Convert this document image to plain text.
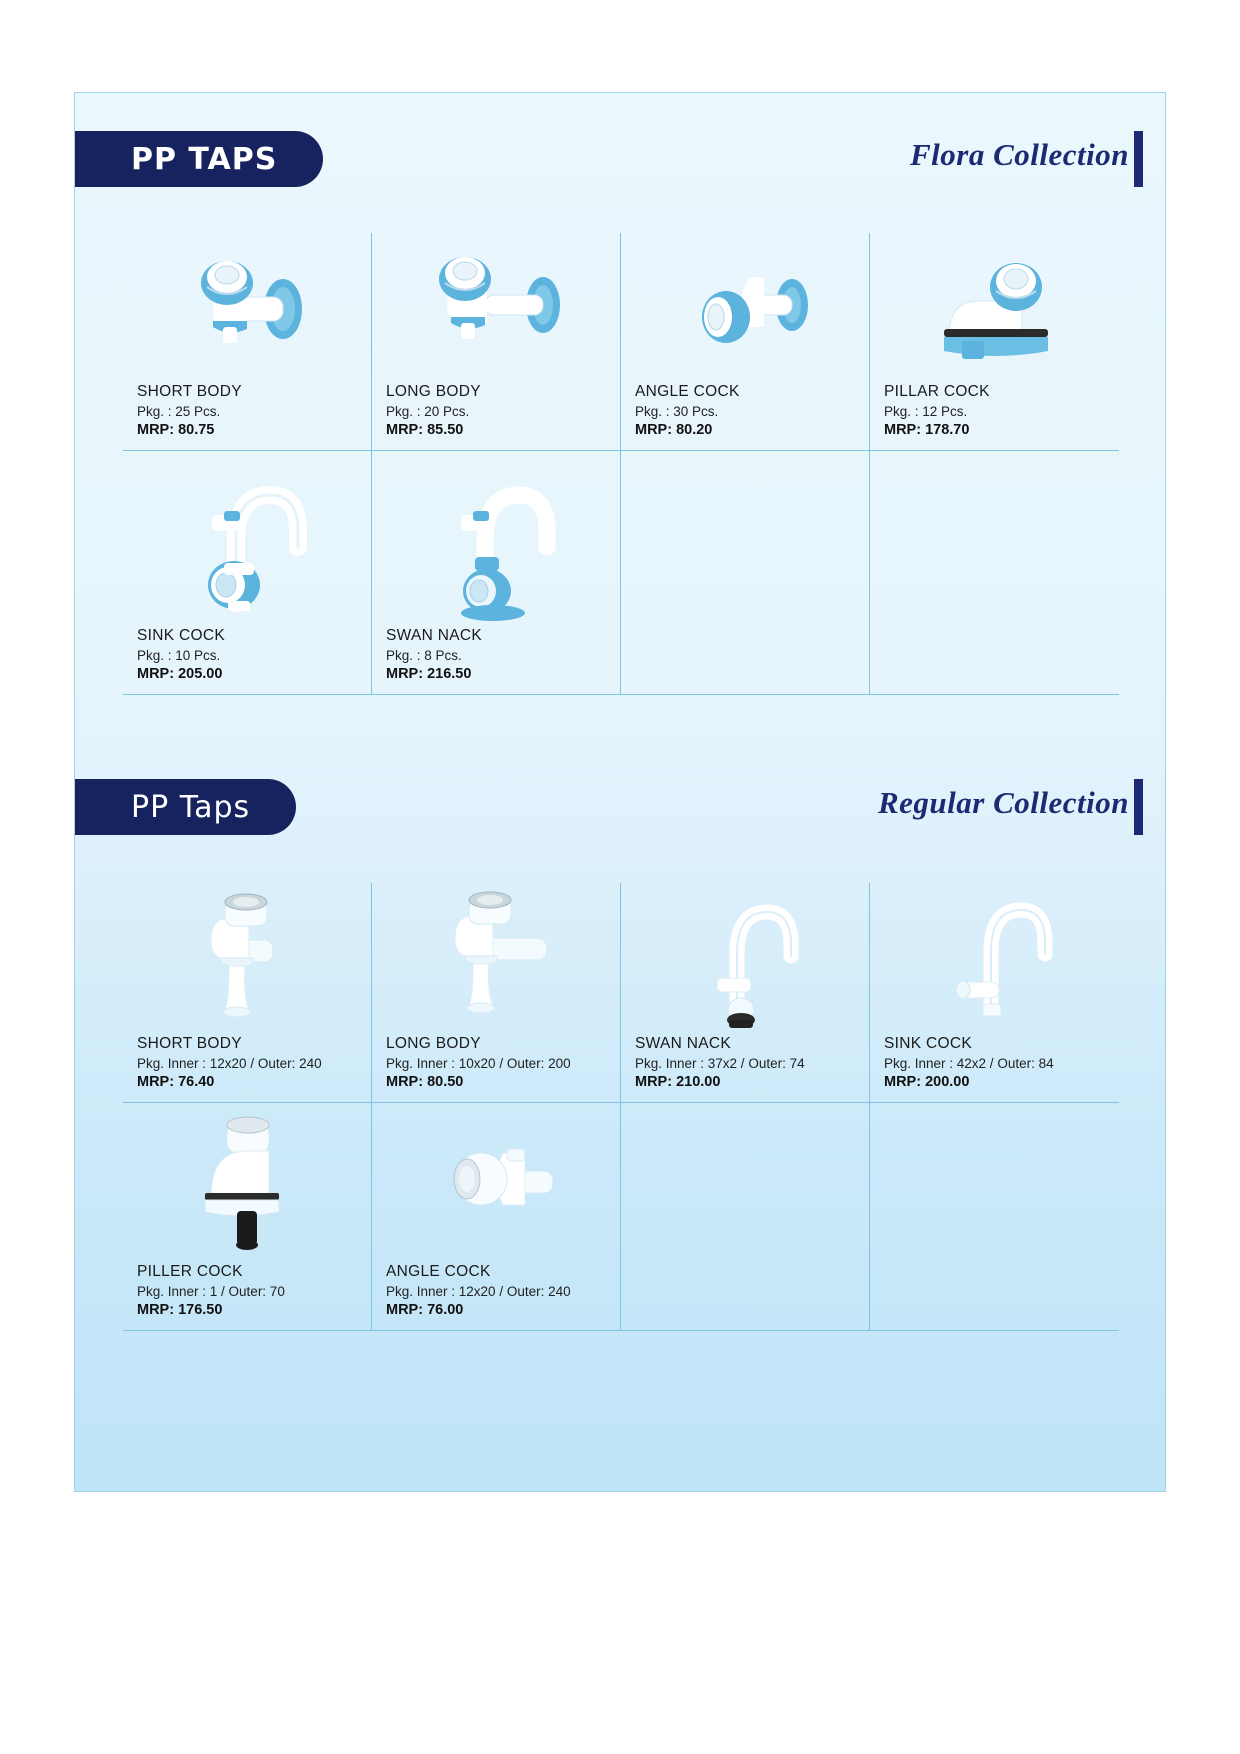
PP TAPS	Flora Collection
SHORT BODY
Pkg. : 25 Pcs.
MRP: 80.75
LONG BODY
Pkg. : 20 Pcs.
MRP: 85.50
ANGLE COCK
Pkg. : 30 Pcs.
MRP: 80.20
PILLAR COCK
Pkg. : 12 Pcs.
MRP: 178.70
SINK COCK
Pkg. : 10 Pcs.
MRP: 205.00
SWAN NACK
Pkg. : 8 Pcs.
MRP: 216.50
PP Taps	Regular Collection
SHORT BODY
Pkg. Inner : 12x20 / Outer: 240
MRP: 76.40
LONG BODY
Pkg. Inner : 10x20 / Outer: 200
MRP: 80.50
SWAN NACK
Pkg. Inner : 37x2 / Outer: 74
MRP: 210.00
SINK COCK
Pkg. Inner : 42x2 / Outer: 84
MRP: 200.00
PILLER COCK
Pkg. Inner : 1 / Outer: 70
MRP: 176.50
ANGLE COCK
Pkg. Inner : 12x20 / Outer: 240
MRP: 76.00
